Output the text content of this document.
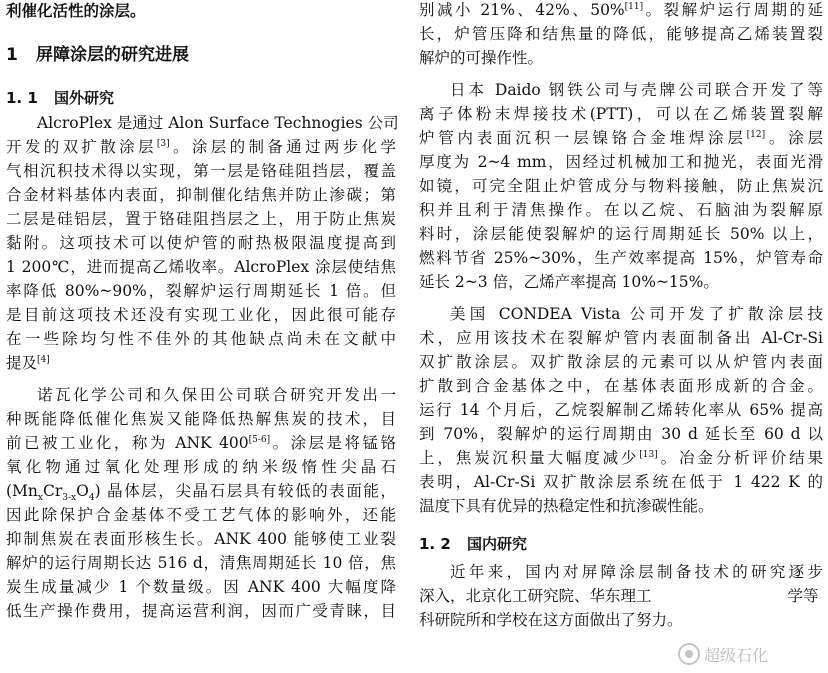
利催化活性的涂层。
1 屏障涂层的研究进展
1. 1 国外研究
AlcroPlex 是通过 Alon Surface Technogies 公司
开发的双扩散涂层[3]。涂层的制备通过两步化学
气相沉积技术得以实现，第一层是铬硅阻挡层，覆盖
合金材料基体内表面，抑制催化结焦并防止渗碳；第
二层是硅铝层，置于铬硅阻挡层之上，用于防止焦炭
黏附。这项技术可以使炉管的耐热极限温度提高到
1 200℃，进而提高乙烯收率。AlcroPlex 涂层使结焦
率降低 80%~90%，裂解炉运行周期延长 1 倍。但
是目前这项技术还没有实现工业化，因此很可能存
在一些除均匀性不佳外的其他缺点尚未在文献中
提及[4]
诺瓦化学公司和久保田公司联合研究开发出一
种既能降低催化焦炭又能降低热解焦炭的技术，目
前已被工业化，称为 ANK 400[5-6]。涂层是将锰铬
氧化物通过氧化处理形成的纳米级惰性尖晶石
$(Mn_xCr_{3-x}O_4)$ 晶体层，尖晶石层具有较低的表面能，
因此除保护合金基体不受工艺气体的影响外，还能
抑制焦炭在表面形核生长。ANK 400 能够使工业裂
解炉的运行周期长达 516 d，清焦周期延长 10 倍，焦
炭生成量减少 1 个数量级。因 ANK 400 大幅度降
低生产操作费用，提高运营利润，因而广受青睐，目
别减小 21%、42%、50%[11]。裂解炉运行周期的延
长，炉管压降和结焦量的降低，能够提高乙烯装置裂
解炉的可操作性。
日本 Daido 钢铁公司与壳牌公司联合开发了等
离子体粉末焊接技术(PTT)，可以在乙烯装置裂解
炉管内表面沉积一层镍铬合金堆焊涂层[12]。涂层
厚度为 2~4 mm，因经过机械加工和抛光，表面光滑
如镜，可完全阻止炉管成分与物料接触，防止焦炭沉
积并且利于清焦操作。在以乙烷、石脑油为裂解原
料时，涂层能使裂解炉的运行周期延长 50% 以上，
燃料节省 25%~30%，生产效率提高 15%，炉管寿命
延长 2~3 倍，乙烯产率提高 10%~15%。
美国 CONDEA Vista 公司开发了扩散涂层技
术，应用该技术在裂解炉管内表面制备出 Al-Cr-Si
双扩散涂层。双扩散涂层的元素可以从炉管内表面
扩散到合金基体之中，在基体表面形成新的合金。
运行 14 个月后，乙烷裂解制乙烯转化率从 65% 提高
到 70%，裂解炉的运行周期由 30 d 延长至 60 d 以
上，焦炭沉积量大幅度减少[13]。冶金分析评价结果
表明，Al-Cr-Si 双扩散涂层系统在低于 1 422 K 的
温度下具有优异的热稳定性和抗渗碳性能。
1. 2 国内研究
近年来，国内对屏障涂层制备技术的研究逐步
深入，北京化工研究院、华东理工	学等
科研院所和学校在这方面做出了努力。
超级石化
